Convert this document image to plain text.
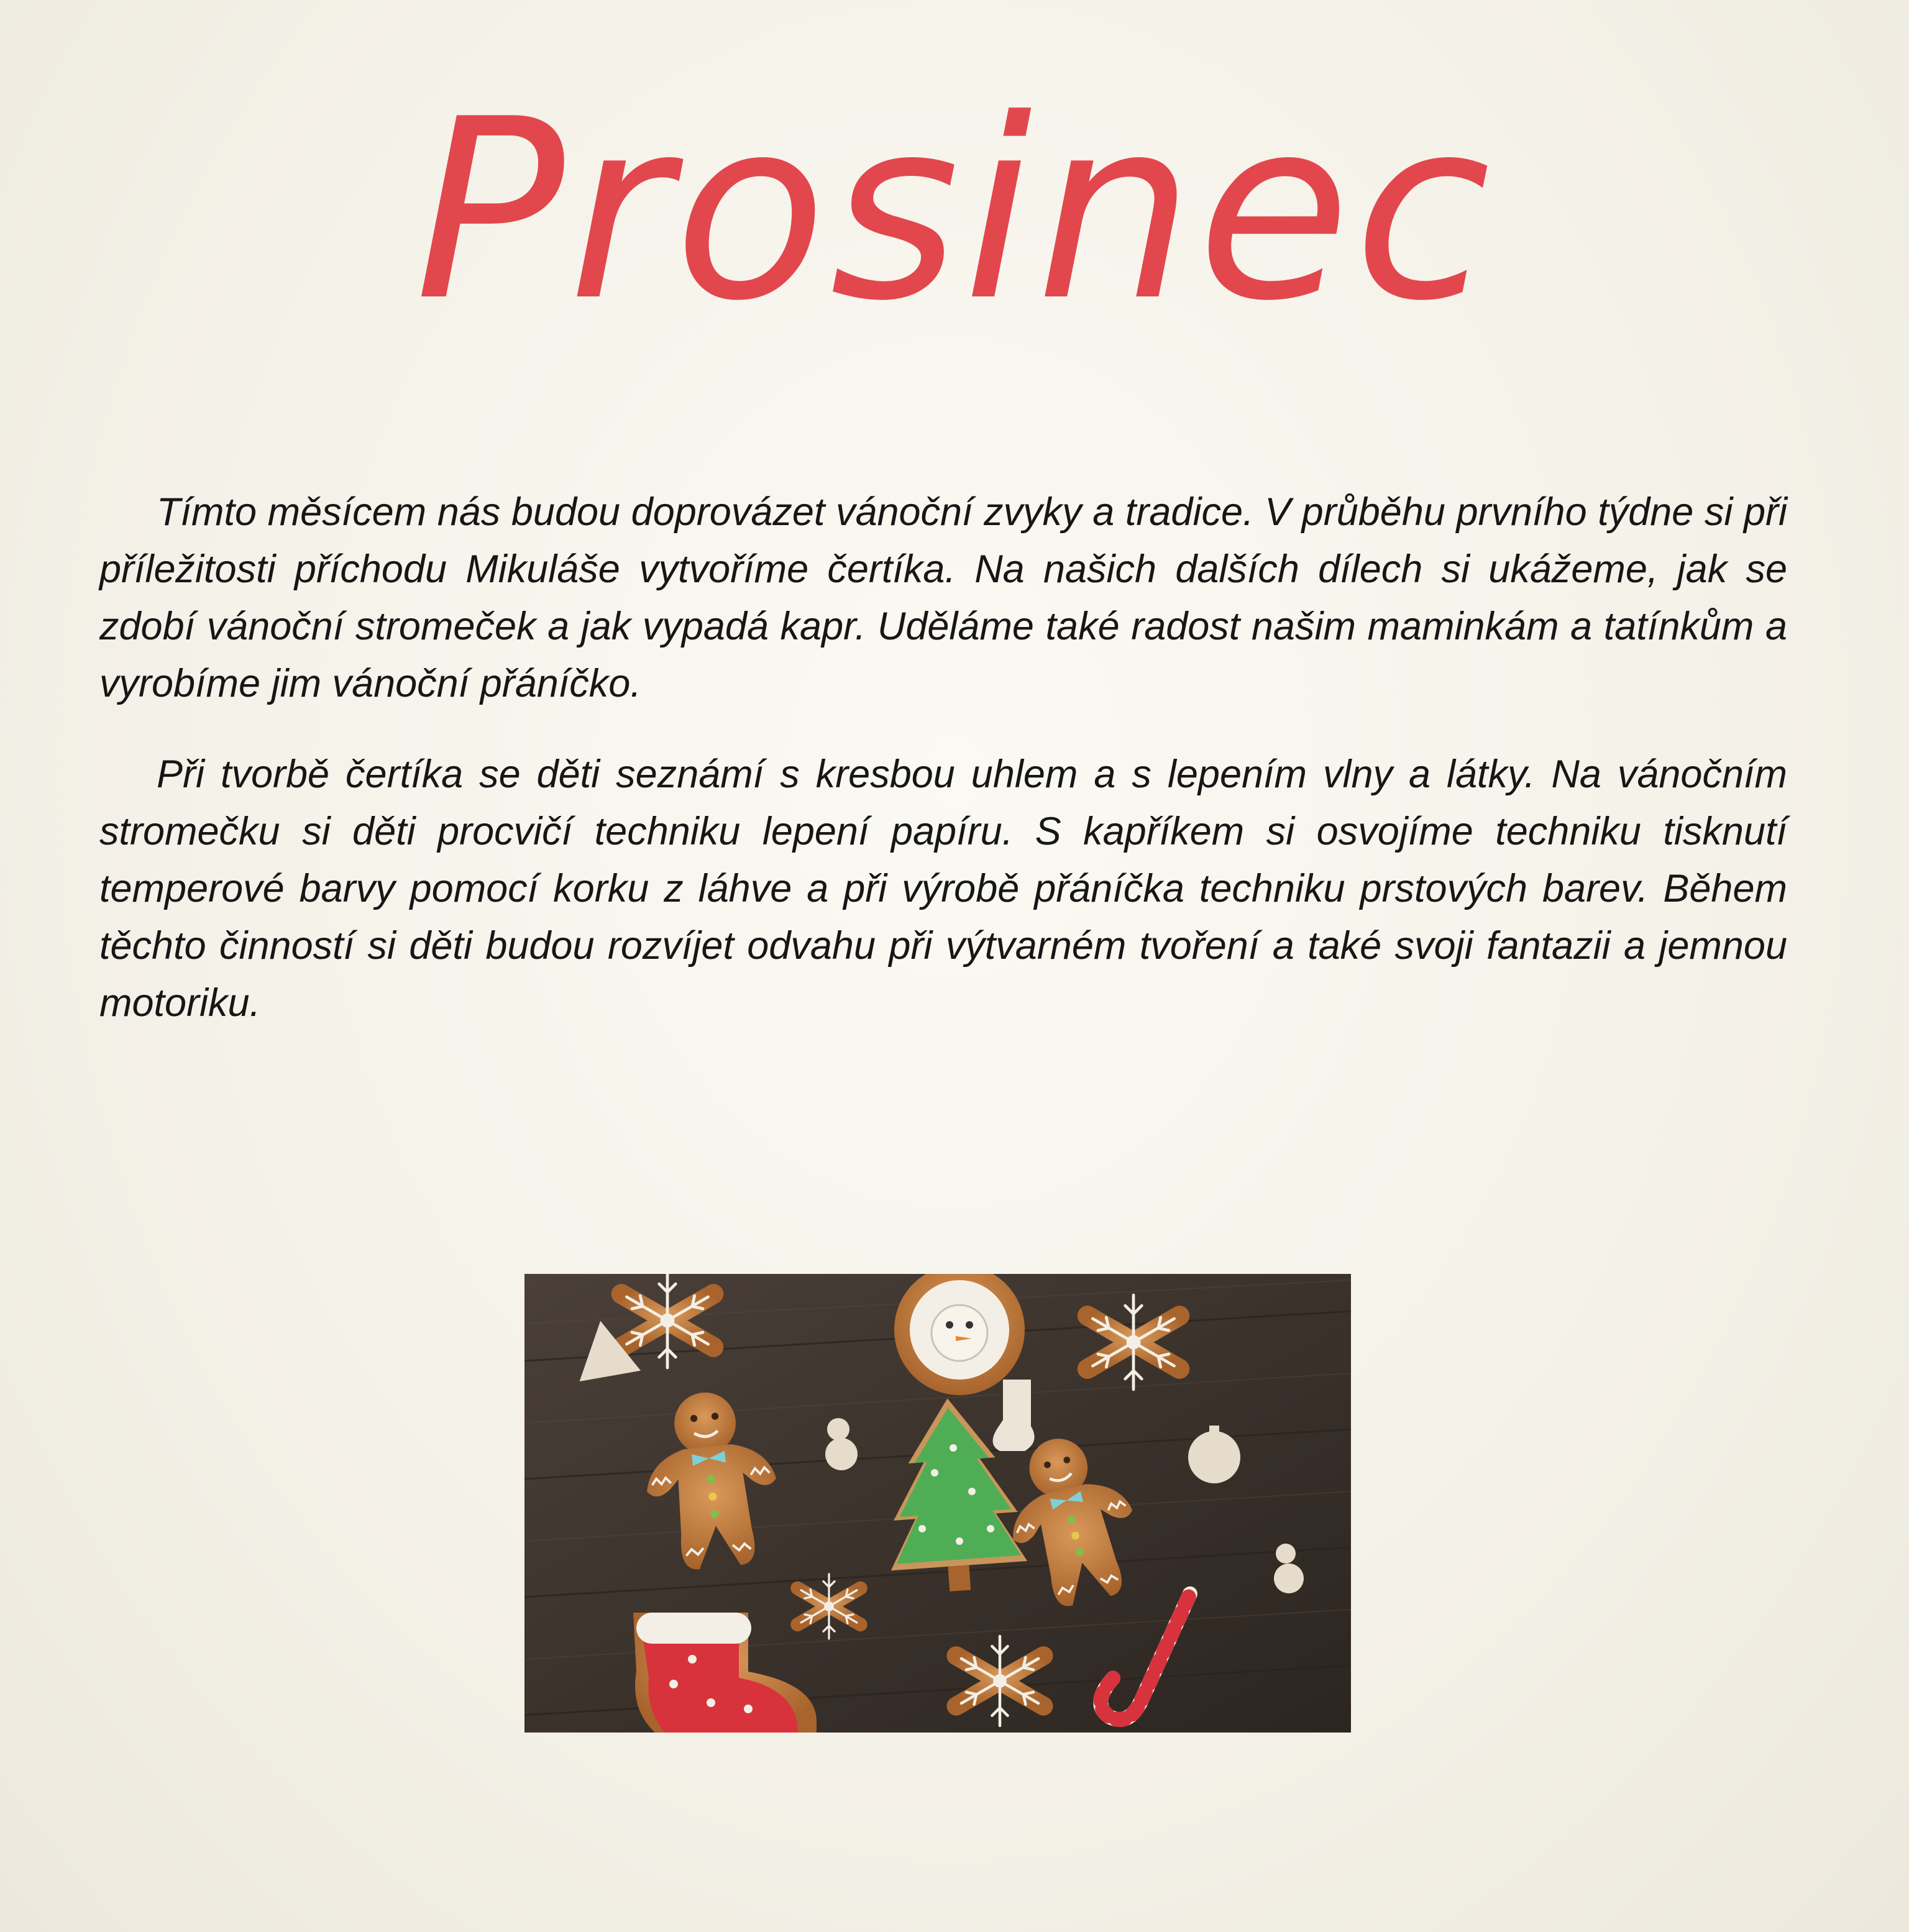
Prosinec

Tímto měsícem nás budou doprovázet vánoční zvyky a tradice. V průběhu prvního týdne si při příležitosti příchodu Mikuláše vytvoříme čertíka. Na našich dalších dílech si ukážeme, jak se zdobí vánoční stromeček a jak vypadá kapr. Uděláme také radost našim maminkám a tatínkům a vyrobíme jim vánoční přáníčko.

Při tvorbě čertíka se děti seznámí s kresbou uhlem a s lepením vlny a látky. Na vánočním stromečku si děti procvičí techniku lepení papíru. S kapříkem si osvojíme techniku tisknutí temperové barvy pomocí korku z láhve a při výrobě přáníčka techniku prstových barev. Během těchto činností si děti budou rozvíjet odvahu při výtvarném tvoření a také svoji fantazii a jemnou motoriku.
